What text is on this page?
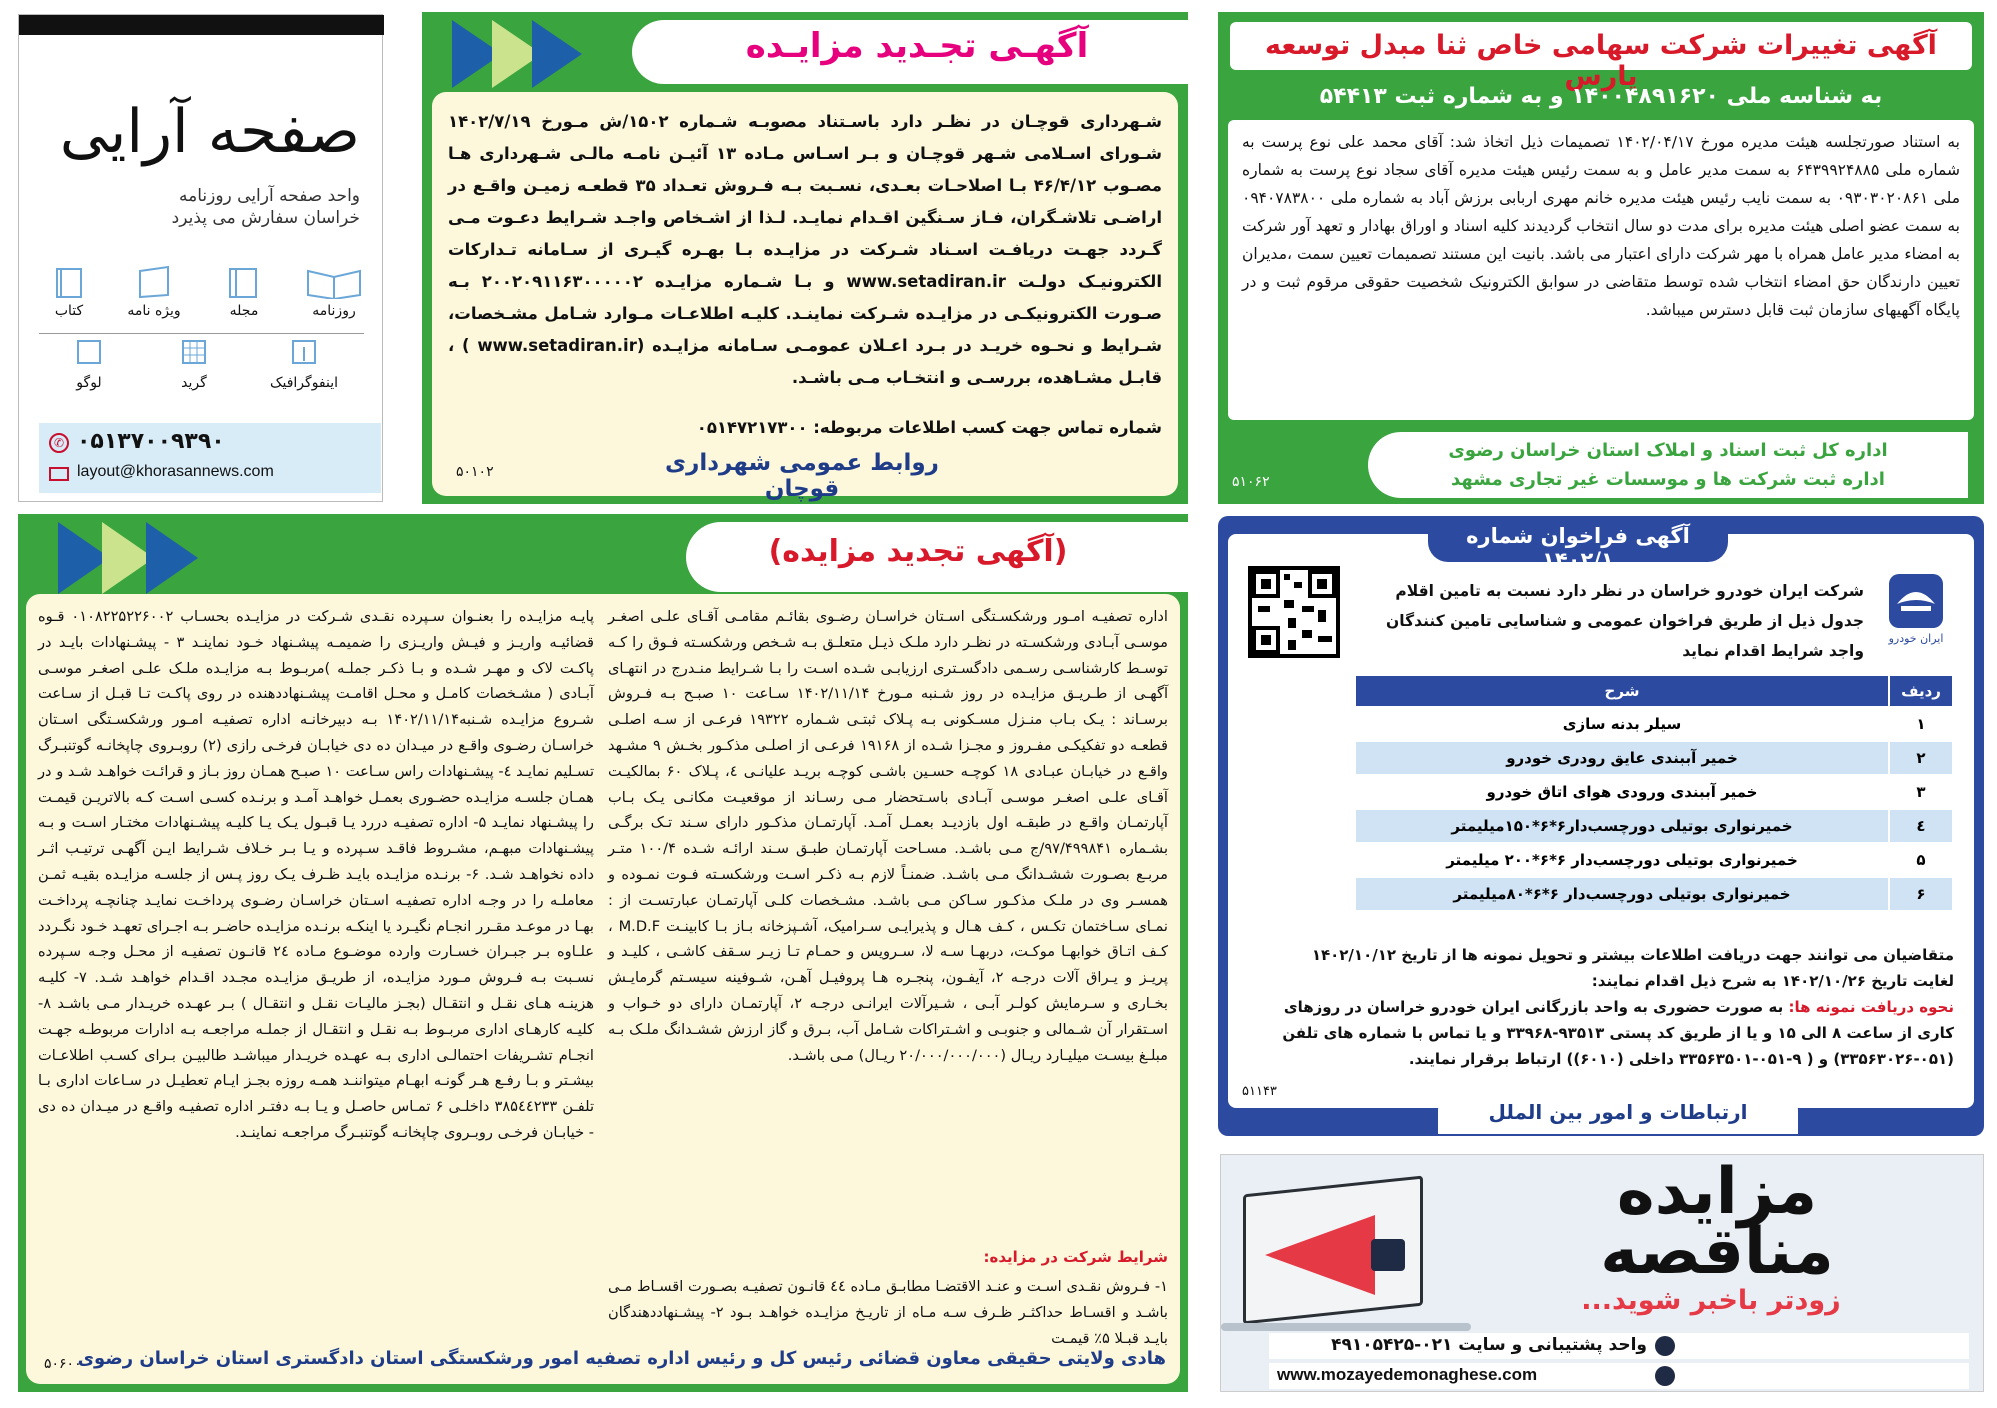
صفحه آرایی
واحد صفحه آرایی روزنامه خراسان سفارش می پذیرد
روزنامه
مجله
ویژه نامه
کتاب
اینفوگرافیک
گرید
لوگو
✆ ۰۵۱۳۷۰۰۹۳۹۰
layout@khorasannews.com
آگهـی تجـدید مزایـده
شـهرداری قوچـان در نظـر دارد باسـتناد مصوبـه شـماره ۱۵۰۲/ش مـورخ ۱۴۰۲/۷/۱۹ شـورای اسـلامی شـهر قوچـان و بـر اسـاس مـاده ۱۳ آئیـن نامـه مالـی شـهرداری هـا مصـوب ۴۶/۴/۱۲ بـا اصلاحـات بعـدی، نسـبت بـه فـروش تعـداد ۳۵ قطعـه زمیـن واقـع در اراضـی تلاشـگران، فـاز سـنگین اقـدام نمایـد. لـذا از اشـخاص واجـد شـرایط دعـوت مـی گـردد جهـت دریافـت اسـناد شـرکت در مزایـده بـا بهـره گیـری از سـامانه تـدارکات الکترونیـک دولـت www.setadiran.ir و بـا شـماره مزایـده ۲۰۰۲۰۹۱۱۶۳۰۰۰۰۰۲ بـه صـورت الکترونیکـی در مزایـده شـرکت نماینـد. کلیـه اطلاعـات مـوارد شـامل مشـخصات، شـرایط و نحـوه خریـد در بـرد اعـلان عمومـی سـامانه مزایـده (www.setadiran.ir ) ، قابـل مشـاهده، بررسـی و انتخـاب مـی باشـد.
شماره تماس جهت کسب اطلاعات مربوطه: ۰۵۱۴۷۲۱۷۳۰۰
روابط عمومی شهرداری قوچان
۵۰۱۰۲
آگهی تغییرات شرکت سهامی خاص ثنا مبدل توسعه پارس
به شناسه ملی ۱۴۰۰۴۸۹۱۶۲۰ و به شماره ثبت ۵۴۴۱۳
به استناد صورتجلسه هیئت مدیره مورخ ۱۴۰۲/۰۴/۱۷ تصمیمات ذیل اتخاذ شد: آقای محمد علی نوع پرست به شماره ملی ۶۴۳۹۹۲۴۸۸۵ به سمت مدیر عامل و به سمت رئیس هیئت مدیره آقای سجاد نوع پرست به شماره ملی ۰۹۳۰۳۰۲۰۸۶۱ به سمت نایب رئیس هیئت مدیره خانم مهری اربابی برزش آباد به شماره ملی ۰۹۴۰۷۸۳۸۰۰ به سمت عضو اصلی هیئت مدیره برای مدت دو سال انتخاب گردیدند کلیه اسناد و اوراق بهادار و تعهد آور شرکت به امضاء مدیر عامل همراه با مهر شرکت دارای اعتبار می باشد. بانیت این مستند تصمیمات تعیین سمت ،مدیران تعیین دارندگان حق امضاء انتخاب شده توسط متقاضی در سوابق الکترونیک شخصیت حقوقی مرقوم ثبت و در پایگاه آگهیهای سازمان ثبت قابل دسترس میباشد.
اداره کل ثبت اسناد و املاک استان خراسان رضوی
اداره ثبت شرکت ها و موسسات غیر تجاری مشهد
۵۱۰۶۲
(آگهی تجدید مزایده)
اداره تصفیـه امـور ورشکسـتگی اسـتان خراسـان رضـوی بقائـم مقامـی آقـای علـی اصغـر موسـی آبـادی ورشکسـته در نظـر دارد ملـک ذیـل متعلـق بـه شـخص ورشکسـته فـوق را کـه توسـط کارشناسـی رسـمی دادگسـتری ارزیابـی شـده اسـت را بـا شـرایط منـدرج در انتهـای آگهـی از طـریـق مزایـده در روز شـنبه مـورخ ۱۴۰۲/۱۱/۱۴ سـاعت ۱۰ صبـح بـه فـروش برسـاند : یـک بـاب منـزل مسـکونی بـه پـلاک ثبتـی شـماره ۱۹۳۲۲ فرعـی از سـه اصلـی قطعـه دو تفکیکـی مفـروز و مجـزا شـده از ۱۹۱۶۸ فرعـی از اصلـی مذکـور بخـش ۹ مشـهد واقـع در خیابـان عبـادی ۱۸ کوچـه حسـین باشـی کوچـه بریـد علیانـی ٤، پـلاک ۶۰ بمالکیـت آقـای علـی اصغـر موسـی آبـادی باسـتحضار مـی رسـاند از موقعیـت مکانـی یـک بـاب آپارتمـان واقـع در طبقـه اول بازدیـد بعمـل آمـد. آپارتمـان مذکـور دارای سـند تـک برگـی بشـماره ۹۷/۴۹۹۸۴۱/ج مـی باشـد. مسـاحت آپارتمـان طبـق سـند ارائـه شـده ۱۰۰/۴ متـر مربـع بصـورت ششـدانگ مـی باشـد. ضمنـاً لازم بـه ذکـر اسـت ورشکسـته فـوت نمـوده و همسـر وی در ملـک مذکـور سـاکن مـی باشـد. مشـخصات کلـی آپارتمـان عبارتسـت از : نمـای سـاختمان تکـس ، کـف هـال و پذیرایـی سـرامیک، آشـپزخانه بـاز بـا کابینـت M.D.F ، کـف اتـاق خوابهـا موکـت، دربهـا سـه لا، سـرویس و حمـام تـا زیـر سـقف کاشـی ، کلیـد و پریـز و یـراق آلات درجـه ۲، آیفـون، پنجـره هـا پروفیـل آهـن، شـوفینه سیسـتم گرمایـش بخـاری و سـرمایش کولـر آبـی ، شـیرآلات ایرانـی درجـه ۲، آپارتمـان دارای دو خـواب و اسـتقرار آن شـمالی و جنوبـی و اشـتراکات شـامل آب، بـرق و گاز ارزش ششـدانگ ملـک بـه مبلـغ بیسـت میلیـارد ریـال (۲۰/۰۰۰/۰۰۰/۰۰۰ ریـال) مـی باشـد.
شرایط شرکت در مزایده:
۱- فـروش نقـدی اسـت و عنـد الاقتضـا مطابـق مـاده ٤٤ قانـون تصفیـه بصـورت اقسـاط مـی باشـد و اقسـاط حداکثـر ظـرف سـه مـاه از تاریـخ مزایـده خواهـد بـود ۲- پیشـنهاددهندگان بایـد قبـلا ۵٪ قیمـت
پایـه مزایـده را بعنـوان سـپرده نقـدی شـرکت در مزایـده بحسـاب ۰۱۰۸۲۲۵۲۲۶۰۰۲ قـوه قضائیـه واریـز و فیـش واریـزی را ضمیمـه پیشـنهاد خـود نماینـد ۳ - پیشـنهادات بایـد در پاکـت لاک و مهـر شـده و بـا ذکـر جملـه )مربـوط بـه مزایـده ملـک علـی اصغـر موسـی آبـادی ( مشـخصات کامـل و محـل اقامـت پیشـنهاددهنده در روی پاکـت تـا قبـل از سـاعت شـروع مزایـده شـنبه۱۴۰۲/۱۱/۱۴ بـه دبیرخانـه اداره تصفیـه امـور ورشکسـتگی اسـتان خراسـان رضـوی واقـع در میـدان ده دی خیابـان فرخـی رازی (۲) روبـروی چاپخانـه گوتنبـرگ تسـلیم نمایـد ٤- پیشـنهادات راس سـاعت ۱۰ صبـح همـان روز بـاز و قرائـت خواهـد شـد و در همـان جلسـه مزایـده حضـوری بعمـل خواهـد آمـد و برنـده کسـی اسـت کـه بالاتریـن قیمـت را پیشـنهاد نمایـد ۵- اداره تصفیـه دررد یـا قبـول یـک یـا کلیـه پیشـنهادات مختـار اسـت و بـه پیشـنهادات مبهـم، مشـروط فاقـد سـپرده و یـا بـر خـلاف شـرایط ایـن آگهـی ترتیـب اثـر داده نخواهـد شـد. ۶- برنـده مزایـده بایـد ظـرف یـک روز پـس از جلسـه مزایـده بقیـه ثمـن معاملـه را در وجـه اداره تصفیـه اسـتان خراسـان رضـوی پرداخـت نمایـد چنانچـه پرداخـت بهـا در موعـد مقـرر انجـام نگیـرد یا اینکـه برنـده مزایـده حاضـر بـه اجـرای تعهـد خـود نگـردد علـاوه بـر جبـران خسـارت وارده موضـوع مـاده ۲٤ قانـون تصفیـه از محـل وجـه سـپرده نسـبت بـه فـروش مـورد مزایـده، از طریـق مزایـده مجـدد اقـدام خواهـد شـد. ۷- کلیـه هزینـه هـای نقـل و انتقـال (بجـز مالیـات نقـل و انتقـال ) بـر عهـده خریـدار مـی باشـد ۸- کلیـه کارهـای اداری مربـوط بـه نقـل و انتقـال از جملـه مراجعـه بـه ادارات مربوطـه جهـت انجـام تشـریفات احتمالـی اداری بـه عهـده خریـدار میباشـد طالبیـن بـرای کسـب اطلاعـات بیشـتر و بـا رفـع هـر گونـه ابهـام میتواننـد همـه روزه بجـز ایـام تعطیـل در سـاعات اداری بـا تلفـن ۳۸۵٤٤۲۳۳ داخلـی ۶ تمـاس حاصـل و یـا بـه دفتـر اداره تصفیـه واقـع در میـدان ده دی - خیابـان فرخـی روبـروی چاپخانـه گوتنبـرگ مراجعـه نماینـد.
هادی ولایتی حقیقی معاون قضائی رئیس کل و رئیس اداره تصفیه امور ورشکستگی استان دادگستری استان خراسان رضوی
۵۰۶۰۰
آگهی فراخوان شماره ۱۴۰۲/۱
ایران خودرو
شرکت ایران خودرو خراسان در نظر دارد نسبت به تامین اقلام جدول ذیل از طریق فراخوان عمومی و شناسایی تامین کنندگان واجد شرایط اقدام نماید
ردیف	شرح
۱	سیلر بدنه سازی
۲	خمیر آببندی عایق رودری خودرو
۳	خمیر آببندی ورودی هوای اتاق خودرو
٤	خمیرنواری بوتیلی دورچسب‌دار۶*۶*۱۵۰میلیمتر
۵	خمیرنواری بوتیلی دورچسب‌دار ۶*۶*۲۰۰ میلیمتر
۶	خمیرنواری بوتیلی دورچسب‌دار ۶*۶*۸۰میلیمتر
متقاضیان می توانند جهت دریافت اطلاعات بیشتر و تحویل نمونه ها از تاریخ ۱۴۰۲/۱۰/۱۲ لغایت تاریخ ۱۴۰۲/۱۰/۲۶ به شرح ذیل اقدام نمایند:
نحوه دریافت نمونه ها: به صورت حضوری به واحد بازرگانی ایران خودرو خراسان در روزهای کاری از ساعت ۸ الی ۱۵ و یا از طریق کد پستی ۹۳۵۱۳-۳۳۹۶۸ و یا تماس با شماره های تلفن (۰۵۱-۳۳۵۶۳۰۲۶) و ( ۹-۰۵۱-۳۳۵۶۳۵۰۱ داخلی (۶۰۱۰)) ارتباط برقرار نمایند.
۵۱۱۴۳
ارتباطات و امور بین الملل
مزایده
مناقصه
زودتر باخبر شوید...
واحد پشتیبانی و سایت ۰۲۱-۴۹۱۰۵۴۲۵
www.mozayedemonaghese.com
